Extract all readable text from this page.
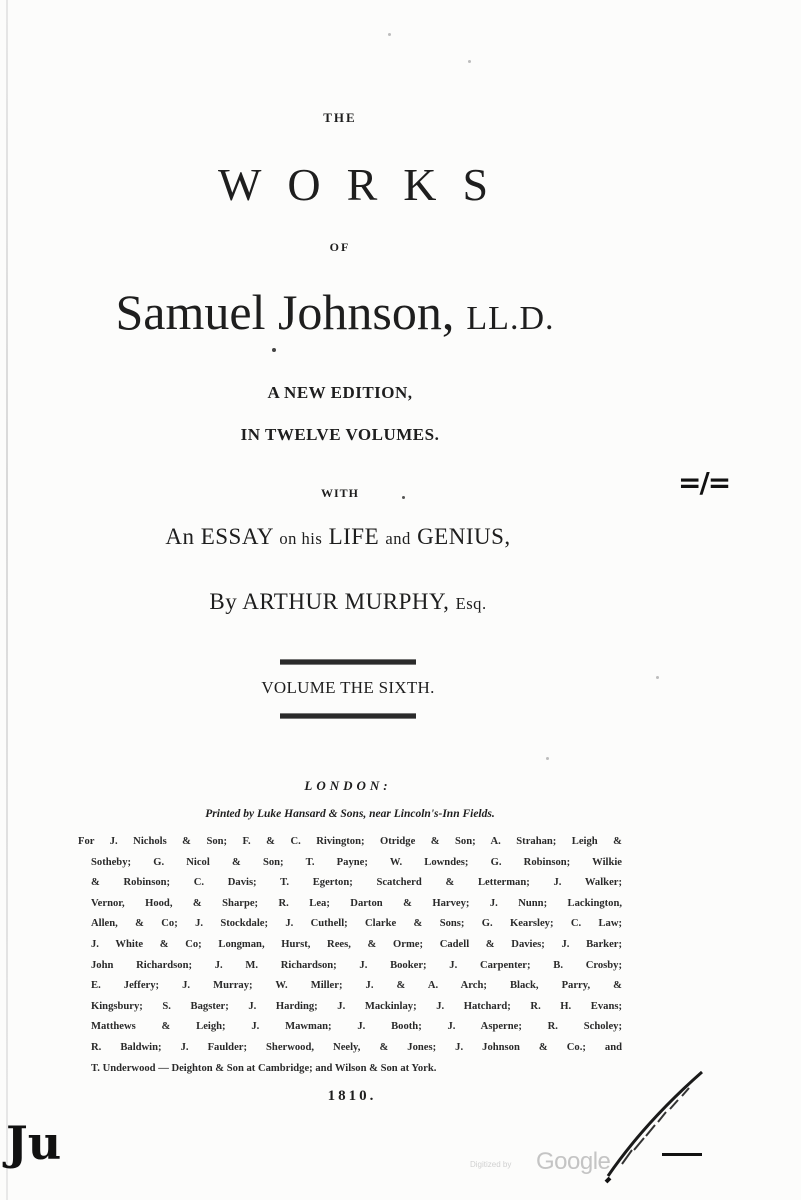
THE
WORKS
OF
Samuel Johnson, LL.D.
A NEW EDITION,
IN TWELVE VOLUMES.
WITH
An ESSAY on his LIFE and GENIUS,
By ARTHUR MURPHY, Esq.
VOLUME THE SIXTH.
LONDON:
Printed by Luke Hansard & Sons, near Lincoln's-Inn Fields.
For J. Nichols & Son; F. & C. Rivington; Otridge & Son; A. Strahan; Leigh &
Sotheby; G. Nicol & Son; T. Payne; W. Lowndes; G. Robinson; Wilkie
& Robinson; C. Davis; T. Egerton; Scatcherd & Letterman; J. Walker;
Vernor, Hood, & Sharpe; R. Lea; Darton & Harvey; J. Nunn; Lackington,
Allen, & Co; J. Stockdale; J. Cuthell; Clarke & Sons; G. Kearsley; C. Law;
J. White & Co; Longman, Hurst, Rees, & Orme; Cadell & Davies; J. Barker;
John Richardson; J. M. Richardson; J. Booker; J. Carpenter; B. Crosby;
E. Jeffery; J. Murray; W. Miller; J. & A. Arch; Black, Parry, &
Kingsbury; S. Bagster; J. Harding; J. Mackinlay; J. Hatchard; R. H. Evans;
Matthews & Leigh; J. Mawman; J. Booth; J. Asperne; R. Scholey;
R. Baldwin; J. Faulder; Sherwood, Neely, & Jones; J. Johnson & Co.; and
T. Underwood — Deighton & Son at Cambridge; and Wilson & Son at York.
1810.
=/=
Ju	Digitized by Google
